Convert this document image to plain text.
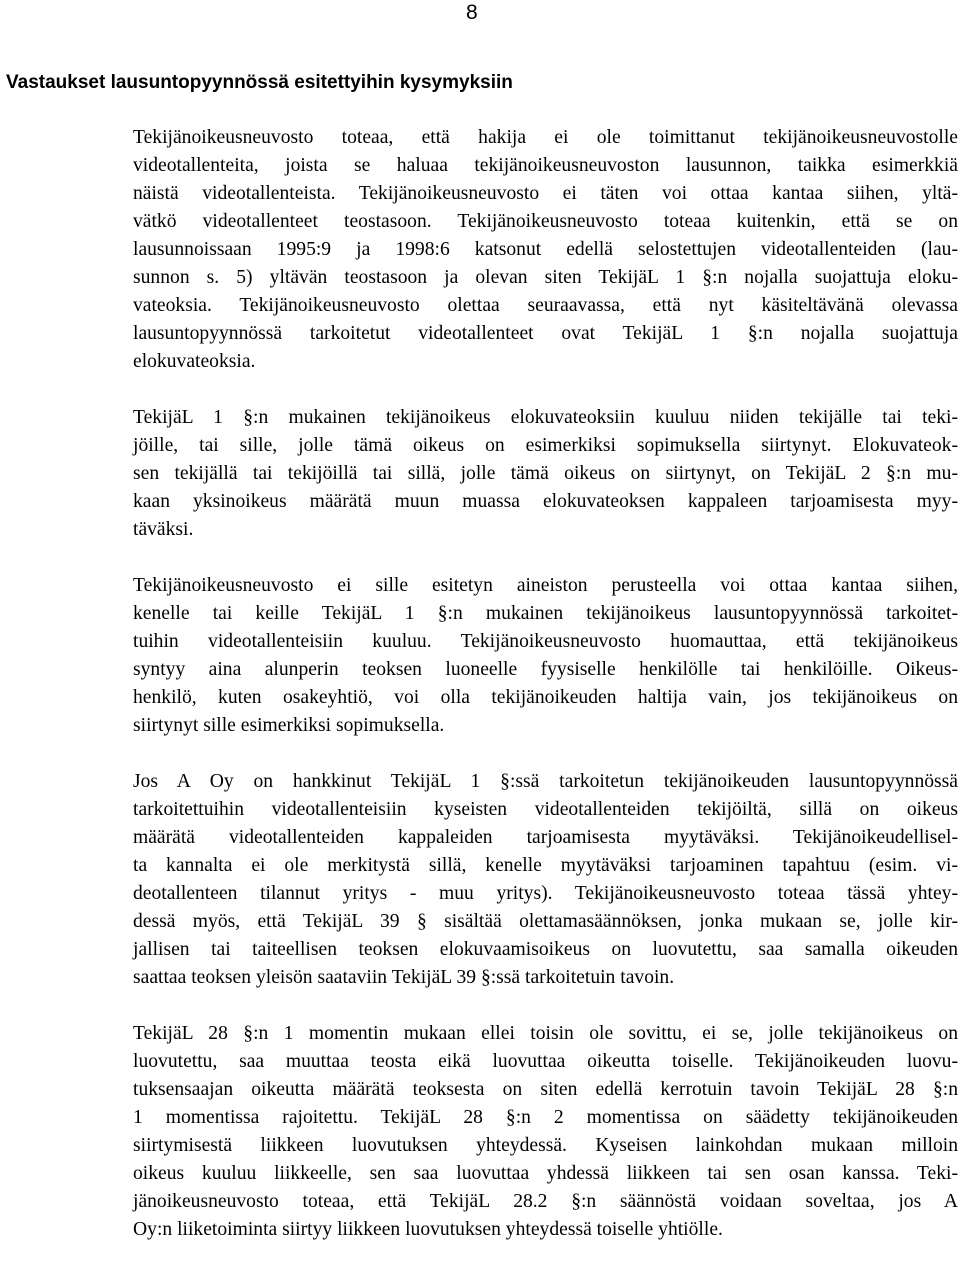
8
Vastaukset lausuntopyynnössä esitettyihin kysymyksiin
Tekijänoikeusneuvosto toteaa, että hakija ei ole toimittanut tekijänoikeusneuvostolle
videotallenteita, joista se haluaa tekijänoikeusneuvoston lausunnon, taikka esimerkkiä
näistä videotallenteista. Tekijänoikeusneuvosto ei täten voi ottaa kantaa siihen, yltä-
vätkö videotallenteet teostasoon. Tekijänoikeusneuvosto toteaa kuitenkin, että se on
lausunnoissaan 1995:9 ja 1998:6 katsonut edellä selostettujen videotallenteiden (lau-
sunnon s. 5) yltävän teostasoon ja olevan siten TekijäL 1 §:n nojalla suojattuja eloku-
vateoksia. Tekijänoikeusneuvosto olettaa seuraavassa, että nyt käsiteltävänä olevassa
lausuntopyynnössä tarkoitetut videotallenteet ovat TekijäL 1 §:n nojalla suojattuja
elokuvateoksia.
TekijäL 1 §:n mukainen tekijänoikeus elokuvateoksiin kuuluu niiden tekijälle tai teki-
jöille, tai sille, jolle tämä oikeus on esimerkiksi sopimuksella siirtynyt. Elokuvateok-
sen tekijällä tai tekijöillä tai sillä, jolle tämä oikeus on siirtynyt, on TekijäL 2 §:n mu-
kaan yksinoikeus määrätä muun muassa elokuvateoksen kappaleen tarjoamisesta myy-
täväksi.
Tekijänoikeusneuvosto ei sille esitetyn aineiston perusteella voi ottaa kantaa siihen,
kenelle tai keille TekijäL 1 §:n mukainen tekijänoikeus lausuntopyynnössä tarkoitet-
tuihin videotallenteisiin kuuluu. Tekijänoikeusneuvosto huomauttaa, että tekijänoikeus
syntyy aina alunperin teoksen luoneelle fyysiselle henkilölle tai henkilöille. Oikeus-
henkilö, kuten osakeyhtiö, voi olla tekijänoikeuden haltija vain, jos tekijänoikeus on
siirtynyt sille esimerkiksi sopimuksella.
Jos A Oy on hankkinut TekijäL 1 §:ssä tarkoitetun tekijänoikeuden lausuntopyynnössä
tarkoitettuihin videotallenteisiin kyseisten videotallenteiden tekijöiltä, sillä on oikeus
määrätä videotallenteiden kappaleiden tarjoamisesta myytäväksi. Tekijänoikeudellisel-
ta kannalta ei ole merkitystä sillä, kenelle myytäväksi tarjoaminen tapahtuu (esim. vi-
deotallenteen tilannut yritys - muu yritys). Tekijänoikeusneuvosto toteaa tässä yhtey-
dessä myös, että TekijäL 39 § sisältää olettamasäännöksen, jonka mukaan se, jolle kir-
jallisen tai taiteellisen teoksen elokuvaamisoikeus on luovutettu, saa samalla oikeuden
saattaa teoksen yleisön saataviin TekijäL 39 §:ssä tarkoitetuin tavoin.
TekijäL 28 §:n 1 momentin mukaan ellei toisin ole sovittu, ei se, jolle tekijänoikeus on
luovutettu, saa muuttaa teosta eikä luovuttaa oikeutta toiselle. Tekijänoikeuden luovu-
tuksensaajan oikeutta määrätä teoksesta on siten edellä kerrotuin tavoin TekijäL 28 §:n
1 momentissa rajoitettu. TekijäL 28 §:n 2 momentissa on säädetty tekijänoikeuden
siirtymisestä liikkeen luovutuksen yhteydessä. Kyseisen lainkohdan mukaan milloin
oikeus kuuluu liikkeelle, sen saa luovuttaa yhdessä liikkeen tai sen osan kanssa. Teki-
jänoikeusneuvosto toteaa, että TekijäL 28.2 §:n säännöstä voidaan soveltaa, jos A
Oy:n liiketoiminta siirtyy liikkeen luovutuksen yhteydessä toiselle yhtiölle.
